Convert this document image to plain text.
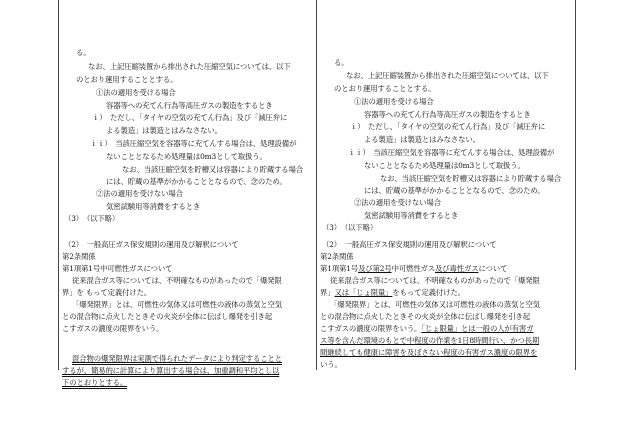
る。
なお、上記圧縮装置から排出された圧縮空気については、以下
のとおり運用することとする。
①法の適用を受ける場合
容器等への充てん行為等高圧ガスの製造をするとき
ｉ）　ただし、「タイヤの空気の充てん行為」及び「減圧弁に
よる製造」は製造とはみなさない。
ｉｉ）　当該圧縮空気を容器等に充てんする場合は、処理設備が
ないこととなるため処理量は0m3として取扱う。
なお、当該圧縮空気を貯槽又は容器により貯蔵する場合
には、貯蔵の基準がかかることとなるので、念のため。
②法の適用を受けない場合
気密試験用等消費をするとき
（3）　（以下略）
（2）　一般高圧ガス保安規則の運用及び解釈について
第2条関係
第1項第1号中可燃性ガスについて
従来混合ガス等については、不明確なものがあったので「爆発限
界」を もって定義付けた。
「爆発限界」とは、可燃性の気体又は可燃性の液体の蒸気と空気
との混合物に点火したときその火炎が全体に伝ぱし爆発を引き起
こすガスの濃度の限界をいう。
混合物の爆発限界は実測で得られたデータにより判定することと
するが、簡易的に計算により算出する場合は、加重調和平均とし以
下のとおりとする。
る。
なお、上記圧縮装置から排出された圧縮空気については、以下
のとおり運用することとする。
①法の適用を受ける場合
容器等への充てん行為等高圧ガスの製造をするとき
ｉ）　ただし、「タイヤの空気の充てん行為」及び「減圧弁に
よる製造」は製造とはみなさない。
ｉｉ）　当該圧縮空気を容器等に充てんする場合は、処理設備が
ないこととなるため処理量は0m3として取扱う。
なお、当該圧縮空気を貯槽又は容器により貯蔵する場合
には、貯蔵の基準がかかることとなるので、念のため。
②法の適用を受けない場合
気密試験用等消費をするとき
（3）　（以下略）
（2）　一般高圧ガス保安規則の運用及び解釈について
第2条関係
第1項第1号及び第2号中可燃性ガス及び毒性ガスについて
従来混合ガス等については、不明確なものがあったので「爆発限
界」又は「じょ限量」をもって定義付けた。
「爆発限界」とは、可燃性の気体又は可燃性の液体の蒸気と空気
との混合物に点火したときその火炎が全体に伝ぱし爆発を引き起
こすガスの濃度の限界をいう。「じょ限量」とは一般の人が有害ガ
ス等を含んだ環境のもとで中程度の作業を1日8時間行い、かつ長期
間継続しても健康に障害を及ぼさない程度の有害ガス濃度の限界を
いう。
